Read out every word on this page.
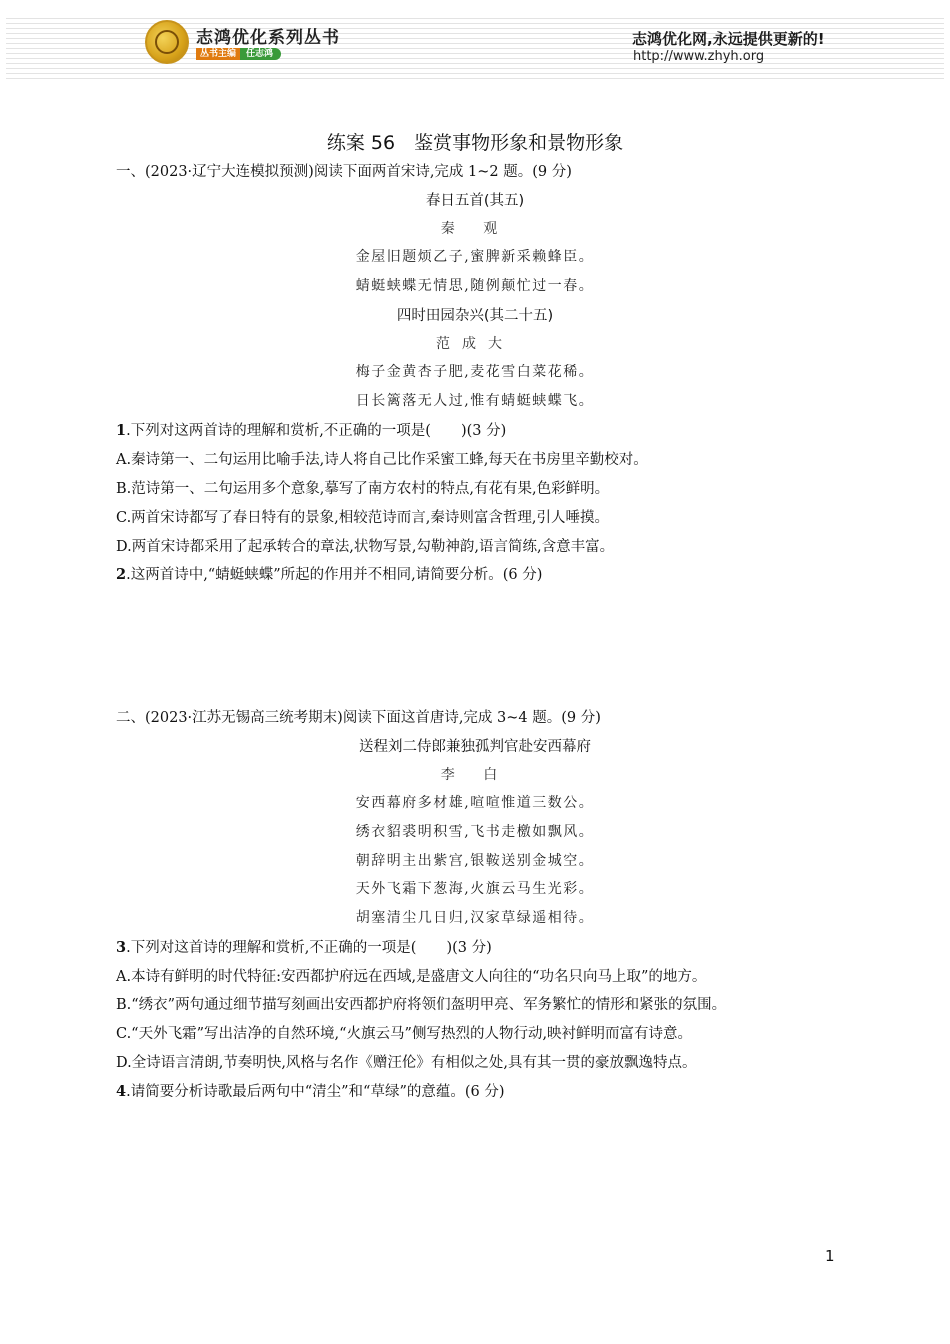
志鸿优化系列丛书
丛书主编 任志鸿
志鸿优化网,永远提供更新的!
http://www.zhyh.org
练案 56　鉴赏事物形象和景物形象
一、(2023·辽宁大连模拟预测)阅读下面两首宋诗,完成 1~2 题。(9 分)
春日五首(其五)
秦 观
金屋旧题烦乙子,蜜脾新采赖蜂臣。
蜻蜓蛱蝶无情思,随例颠忙过一春。
四时田园杂兴(其二十五)
范成大
梅子金黄杏子肥,麦花雪白菜花稀。
日长篱落无人过,惟有蜻蜓蛱蝶飞。
1.下列对这两首诗的理解和赏析,不正确的一项是( )(3 分)
A.秦诗第一、二句运用比喻手法,诗人将自己比作采蜜工蜂,每天在书房里辛勤校对。
B.范诗第一、二句运用多个意象,摹写了南方农村的特点,有花有果,色彩鲜明。
C.两首宋诗都写了春日特有的景象,相较范诗而言,秦诗则富含哲理,引人唾摸。
D.两首宋诗都采用了起承转合的章法,状物写景,勾勒神韵,语言简练,含意丰富。
2.这两首诗中,“蜻蜓蛱蝶”所起的作用并不相同,请简要分析。(6 分)
二、(2023·江苏无锡高三统考期末)阅读下面这首唐诗,完成 3~4 题。(9 分)
送程刘二侍郎兼独孤判官赴安西幕府
李 白
安西幕府多材雄,喧喧惟道三数公。
绣衣貂裘明积雪,飞书走檄如飘风。
朝辞明主出紫宫,银鞍送别金城空。
天外飞霜下葱海,火旗云马生光彩。
胡塞清尘几日归,汉家草绿遥相待。
3.下列对这首诗的理解和赏析,不正确的一项是( )(3 分)
A.本诗有鲜明的时代特征:安西都护府远在西域,是盛唐文人向往的“功名只向马上取”的地方。
B.“绣衣”两句通过细节描写刻画出安西都护府将领们盔明甲亮、军务繁忙的情形和紧张的氛围。
C.“天外飞霜”写出洁净的自然环境,“火旗云马”侧写热烈的人物行动,映衬鲜明而富有诗意。
D.全诗语言清朗,节奏明快,风格与名作《赠汪伦》有相似之处,具有其一贯的豪放飘逸特点。
4.请简要分析诗歌最后两句中“清尘”和“草绿”的意蕴。(6 分)
1
